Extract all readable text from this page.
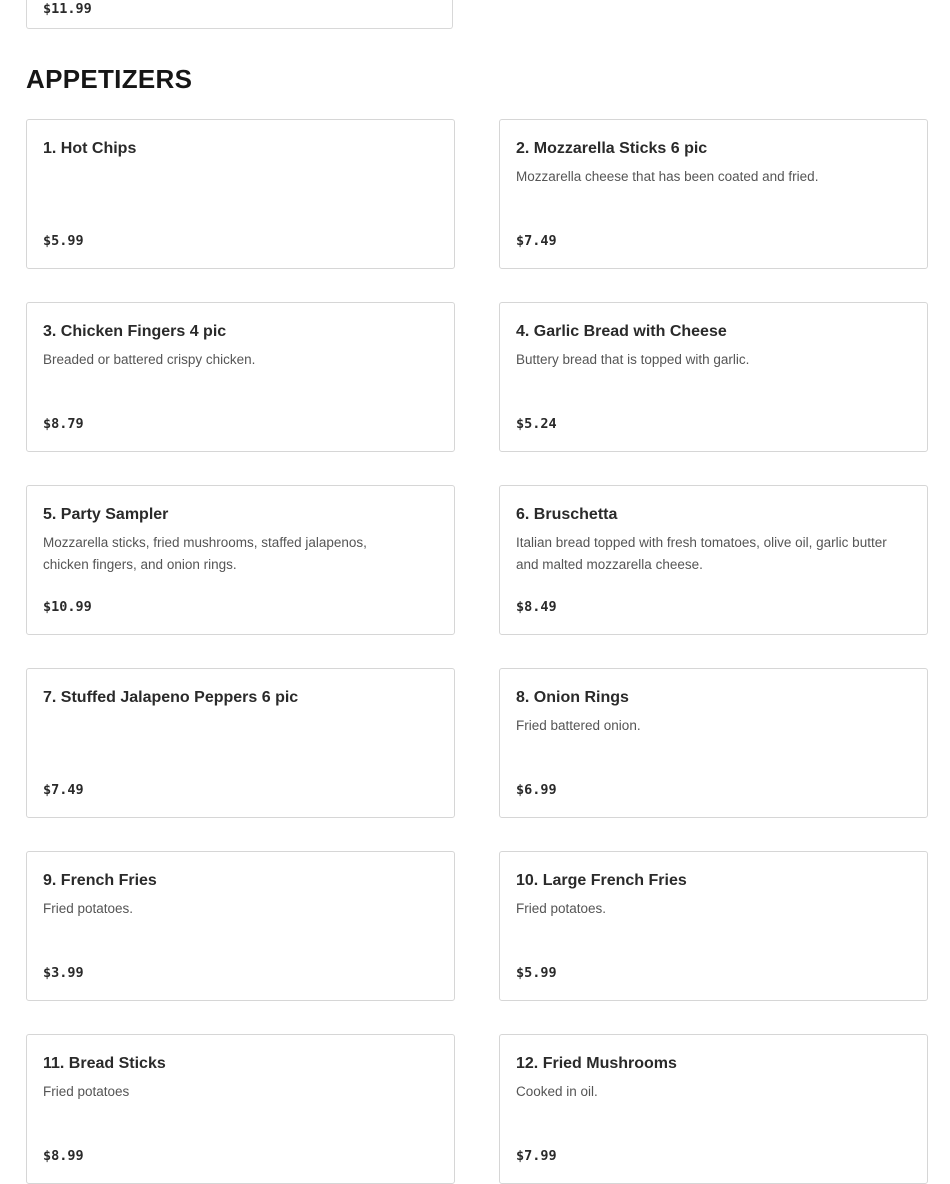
$11.99
APPETIZERS
1. Hot Chips
$5.99
2. Mozzarella Sticks 6 pic
Mozzarella cheese that has been coated and fried.
$7.49
3. Chicken Fingers 4 pic
Breaded or battered crispy chicken.
$8.79
4. Garlic Bread with Cheese
Buttery bread that is topped with garlic.
$5.24
5. Party Sampler
Mozzarella sticks, fried mushrooms, staffed jalapenos, chicken fingers, and onion rings.
$10.99
6. Bruschetta
Italian bread topped with fresh tomatoes, olive oil, garlic butter and malted mozzarella cheese.
$8.49
7. Stuffed Jalapeno Peppers 6 pic
$7.49
8. Onion Rings
Fried battered onion.
$6.99
9. French Fries
Fried potatoes.
$3.99
10. Large French Fries
Fried potatoes.
$5.99
11. Bread Sticks
Fried potatoes
$8.99
12. Fried Mushrooms
Cooked in oil.
$7.99
